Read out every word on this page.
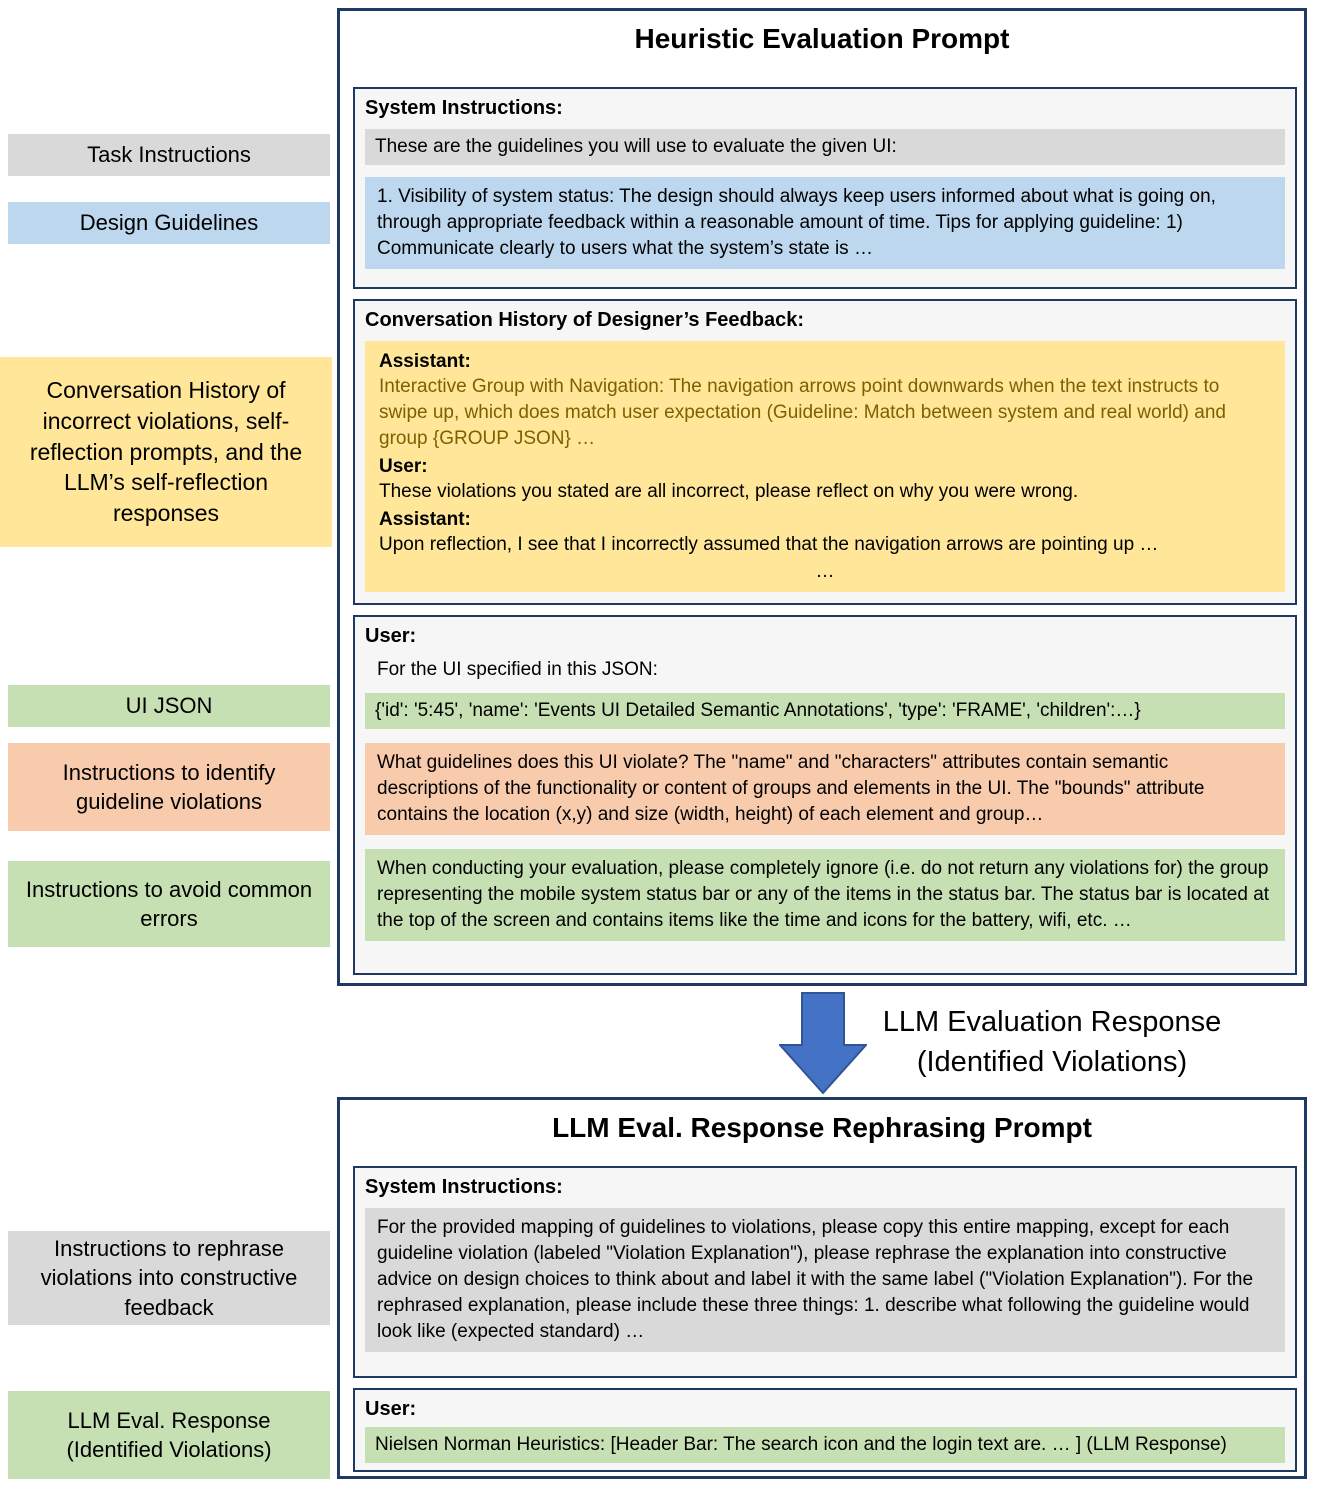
Task Instructions
Design Guidelines
Conversation History of incorrect violations, self-reflection prompts, and the LLM’s self-reflection responses
UI JSON
Instructions to identify guideline violations
Instructions to avoid common errors
Instructions to rephrase violations into constructive feedback
LLM Eval. Response (Identified Violations)
Heuristic Evaluation Prompt
System Instructions:
These are the guidelines you will use to evaluate the given UI:
1. Visibility of system status: The design should always keep users informed about what is going on, through appropriate feedback within a reasonable amount of time. Tips for applying guideline: 1) Communicate clearly to users what the system’s state is …
Conversation History of Designer’s Feedback:
Assistant:
Interactive Group with Navigation: The navigation arrows point downwards when the text instructs to swipe up, which does match user expectation (Guideline: Match between system and real world) and group {GROUP JSON} …
User:
These violations you stated are all incorrect, please reflect on why you were wrong.
Assistant:
Upon reflection, I see that I incorrectly assumed that the navigation arrows are pointing up …
…
User:
For the UI specified in this JSON:
{'id': '5:45', 'name': 'Events UI Detailed Semantic Annotations', 'type': 'FRAME', 'children':…}
What guidelines does this UI violate? The "name" and "characters" attributes contain semantic descriptions of the functionality or content of groups and elements in the UI. The "bounds" attribute contains the location (x,y) and size (width, height) of each element and group…
When conducting your evaluation, please completely ignore (i.e. do not return any violations for) the group representing the mobile system status bar or any of the items in the status bar. The status bar is located at the top of the screen and contains items like the time and icons for the battery, wifi, etc. …
LLM Evaluation Response
(Identified Violations)
LLM Eval. Response Rephrasing Prompt
System Instructions:
For the provided mapping of guidelines to violations, please copy this entire mapping, except for each guideline violation (labeled "Violation Explanation"), please rephrase the explanation into constructive advice on design choices to think about and label it with the same label ("Violation Explanation"). For the rephrased explanation, please include these three things: 1. describe what following the guideline would look like (expected standard) …
User:
Nielsen Norman Heuristics: [Header Bar: The search icon and the login text are. … ] (LLM Response)
